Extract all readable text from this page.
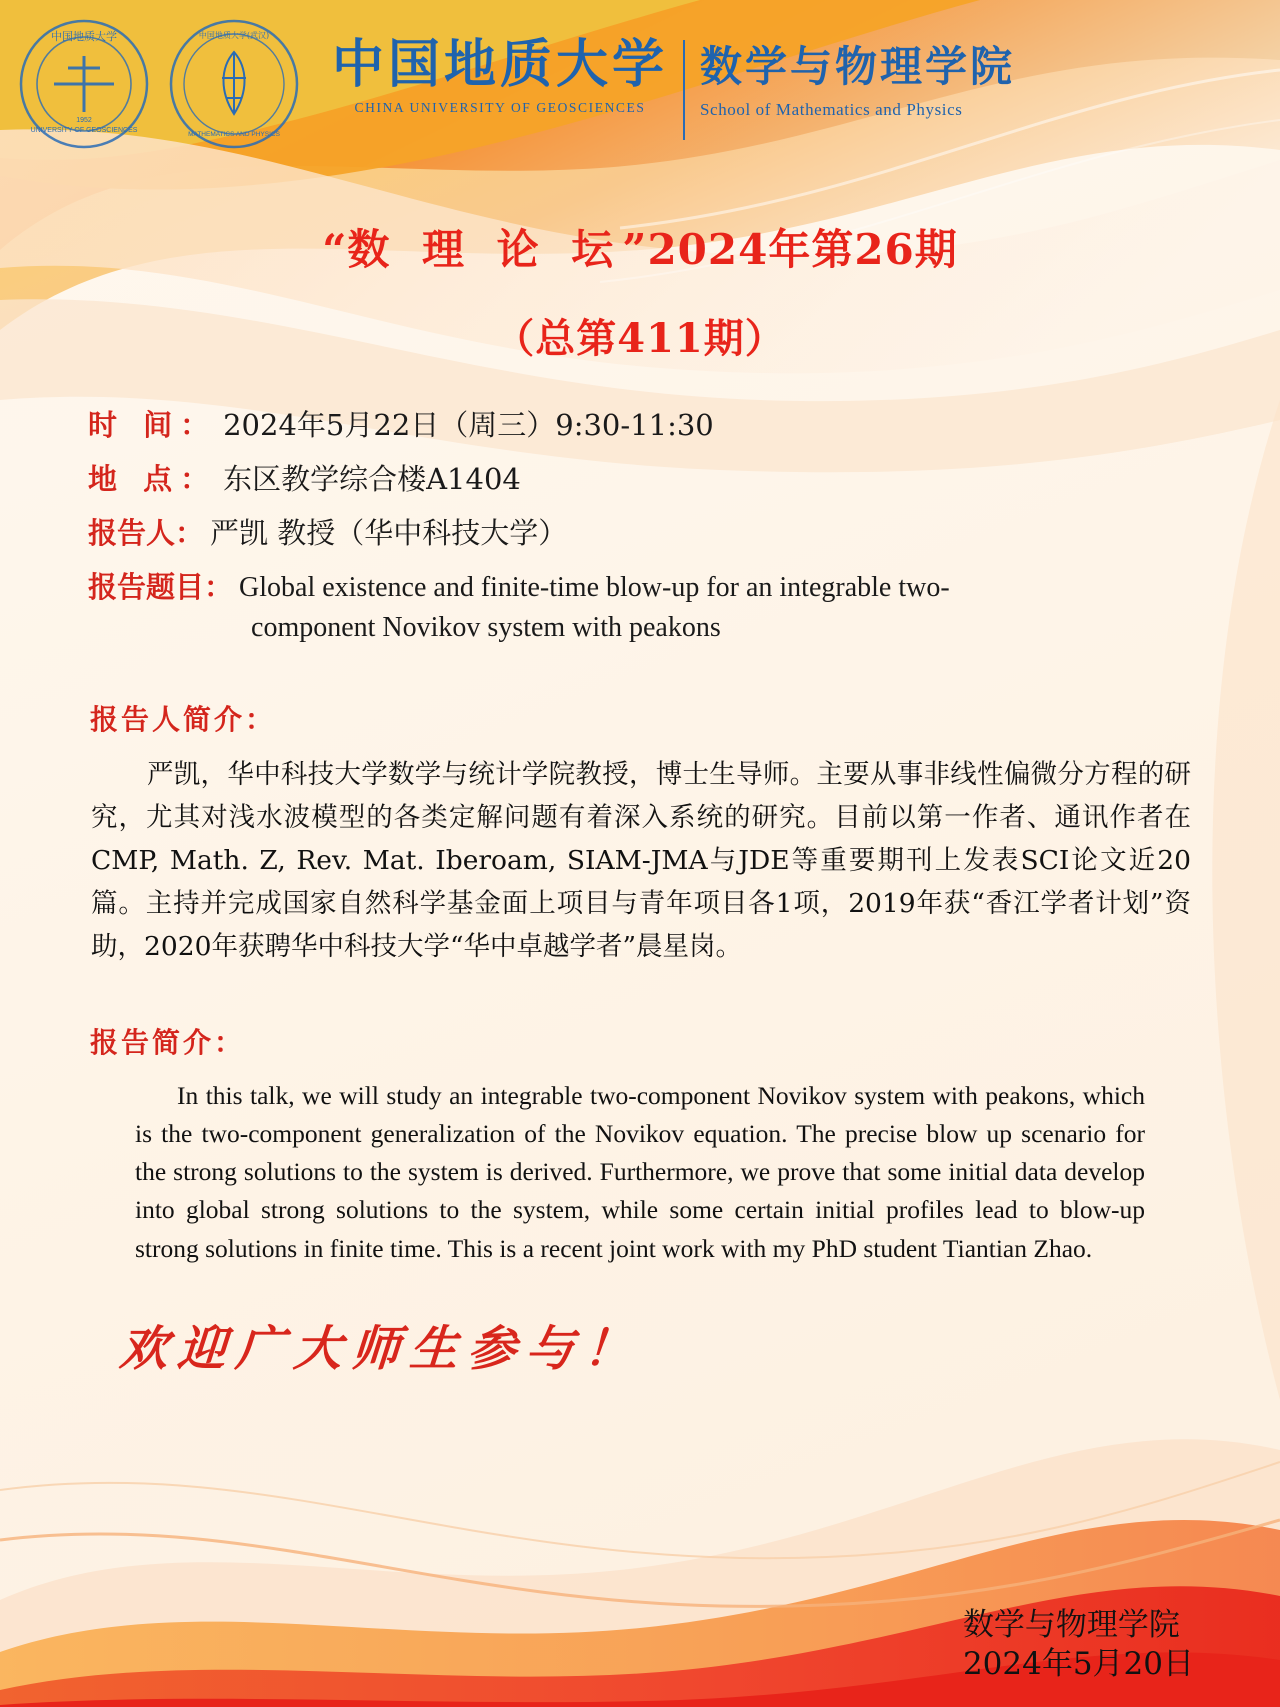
中国地质大学
UNIVERSITY OF GEOSCIENCES
1952
中国地质大学(武汉)
MATHEMATICS AND PHYSICS
中国地质大学
CHINA UNIVERSITY OF GEOSCIENCES
数学与物理学院
School of Mathematics and Physics
“数 理 论 坛”2024年第26期
（总第411期）
时 间： 2024年5月22日（周三）9:30-11:30
地 点： 东区教学综合楼A1404
报告人： 严凯 教授（华中科技大学）
报告题目： Global existence and finite-time blow-up for an integrable two-
component Novikov system with peakons
报告人简介：
严凯，华中科技大学数学与统计学院教授，博士生导师。主要从事非线性偏微分方程的研究，尤其对浅水波模型的各类定解问题有着深入系统的研究。目前以第一作者、通讯作者在CMP, Math. Z, Rev. Mat. Iberoam, SIAM-JMA与JDE等重要期刊上发表SCI论文近20篇。主持并完成国家自然科学基金面上项目与青年项目各1项，2019年获“香江学者计划”资助，2020年获聘华中科技大学“华中卓越学者”晨星岗。
报告简介：
In this talk, we will study an integrable two-component Novikov system with peakons, which is the two-component generalization of the Novikov equation. The precise blow up scenario for the strong solutions to the system is derived. Furthermore, we prove that some initial data develop into global strong solutions to the system, while some certain initial profiles lead to blow-up strong solutions in finite time. This is a recent joint work with my PhD student Tiantian Zhao.
欢迎广大师生参与！
数学与物理学院
2024年5月20日
